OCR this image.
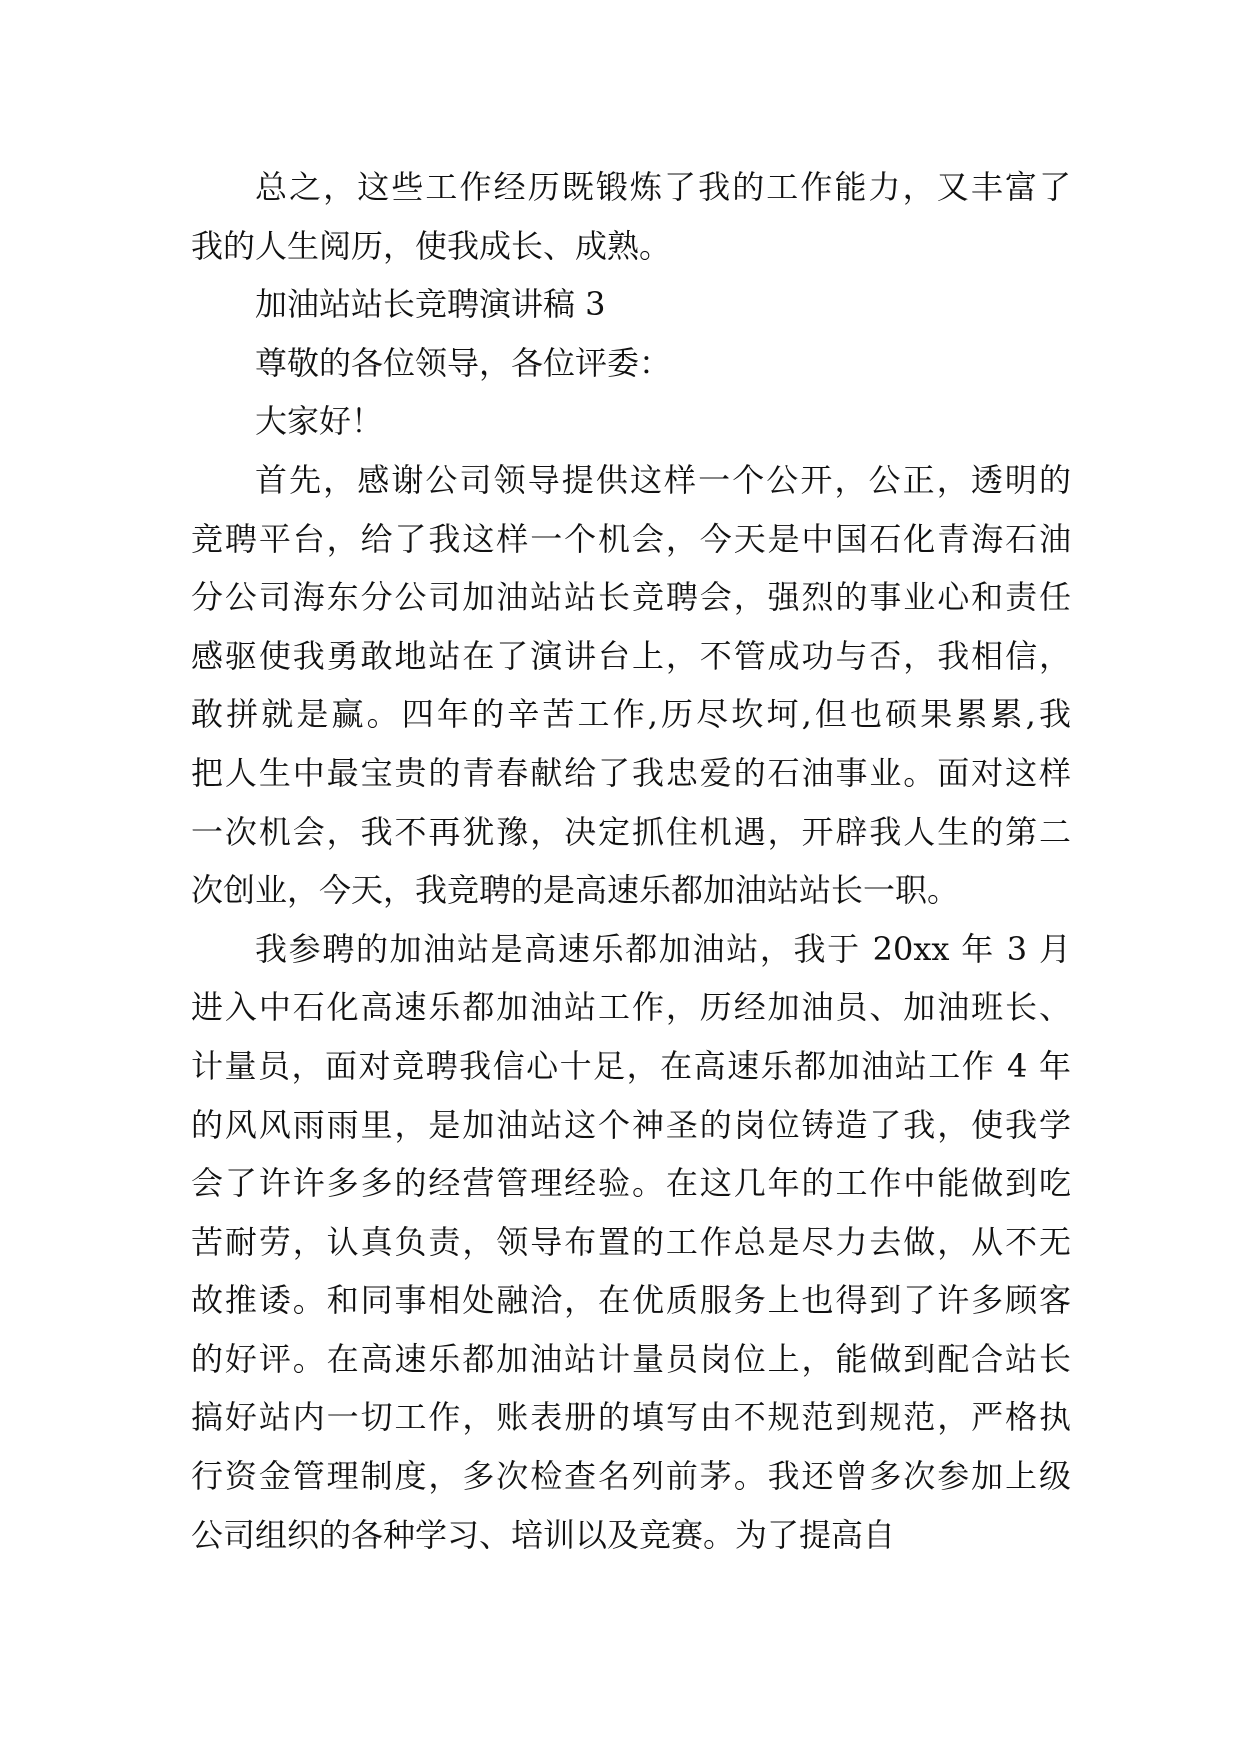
总之，这些工作经历既锻炼了我的工作能力，又丰富了
我的人生阅历，使我成长、成熟。
加油站站长竞聘演讲稿 3
尊敬的各位领导，各位评委：
大家好！
首先，感谢公司领导提供这样一个公开，公正，透明的
竞聘平台，给了我这样一个机会，今天是中国石化青海石油
分公司海东分公司加油站站长竞聘会，强烈的事业心和责任
感驱使我勇敢地站在了演讲台上，不管成功与否，我相信，
敢拼就是赢。四年的辛苦工作,历尽坎坷,但也硕果累累,我
把人生中最宝贵的青春献给了我忠爱的石油事业。面对这样
一次机会，我不再犹豫，决定抓住机遇，开辟我人生的第二
次创业，今天，我竞聘的是高速乐都加油站站长一职。
我参聘的加油站是高速乐都加油站，我于 20xx 年 3 月
进入中石化高速乐都加油站工作，历经加油员、加油班长、
计量员，面对竞聘我信心十足，在高速乐都加油站工作 4 年
的风风雨雨里，是加油站这个神圣的岗位铸造了我，使我学
会了许许多多的经营管理经验。在这几年的工作中能做到吃
苦耐劳，认真负责，领导布置的工作总是尽力去做，从不无
故推诿。和同事相处融洽，在优质服务上也得到了许多顾客
的好评。在高速乐都加油站计量员岗位上，能做到配合站长
搞好站内一切工作，账表册的填写由不规范到规范，严格执
行资金管理制度，多次检查名列前茅。我还曾多次参加上级
公司组织的各种学习、培训以及竞赛。为了提高自
